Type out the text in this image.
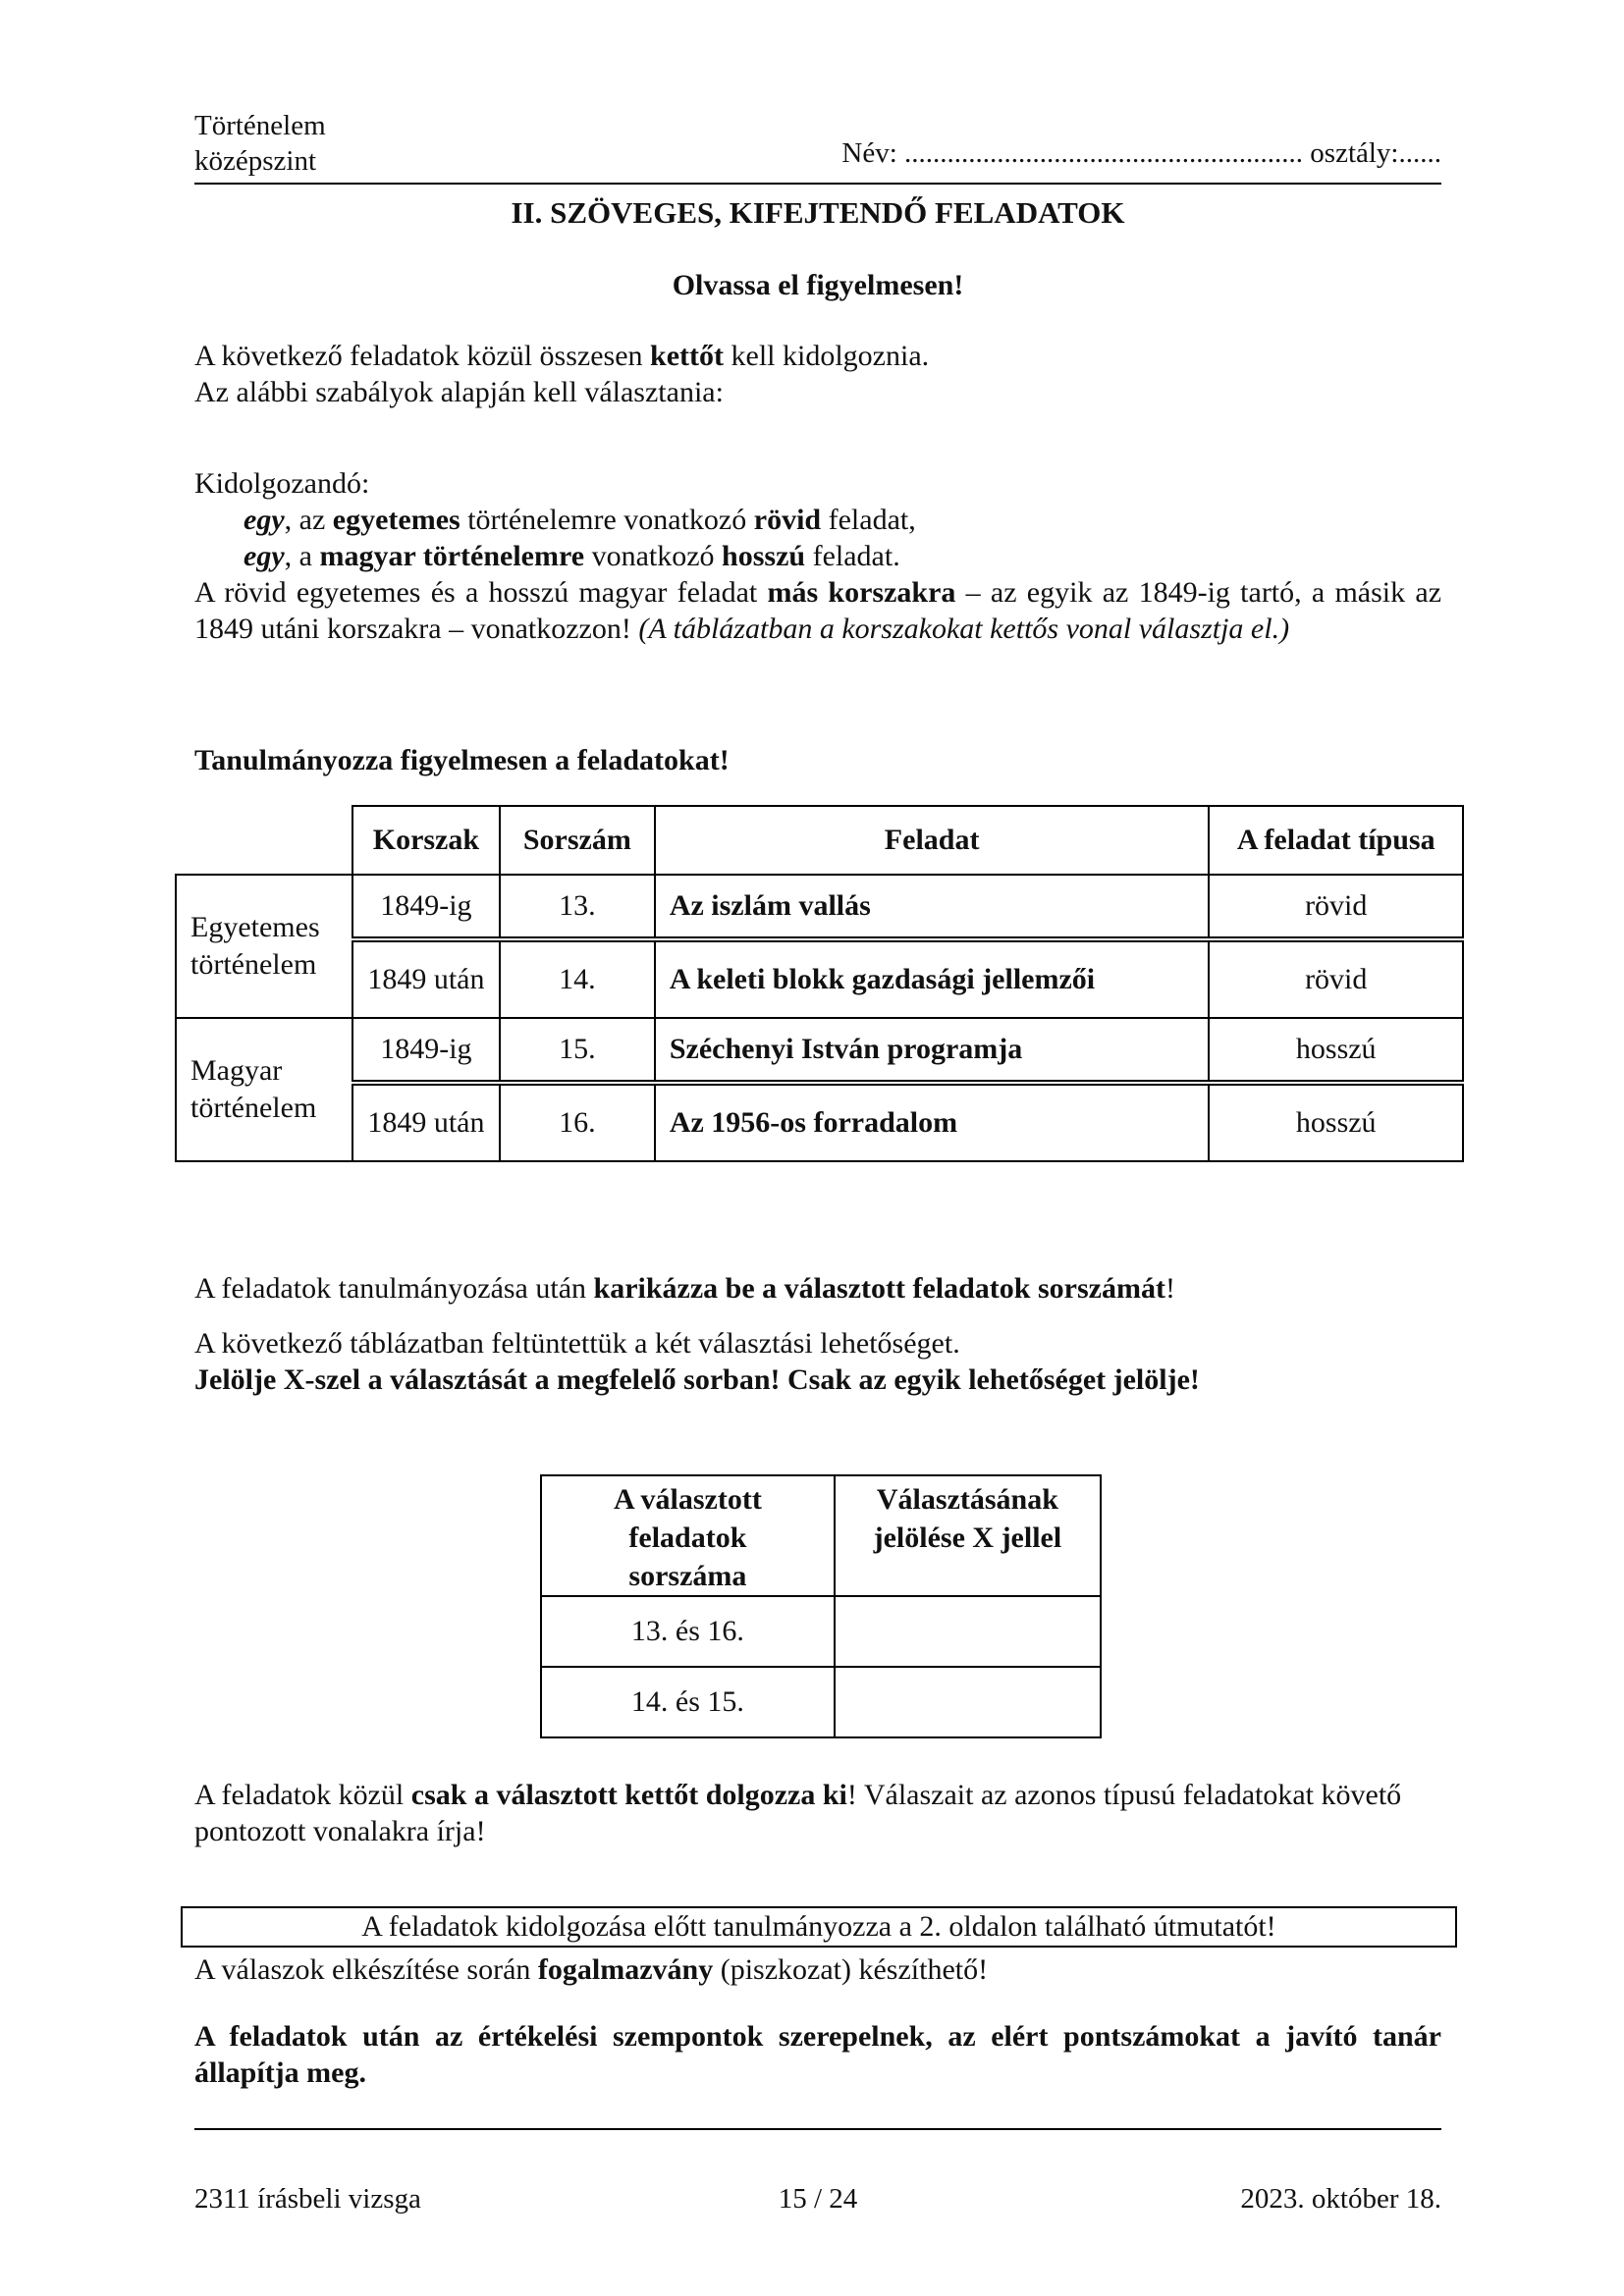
Történelem
középszint	Név: ........................................................ osztály:......
II. SZÖVEGES, KIFEJTENDŐ FELADATOK
Olvassa el figyelmesen!

A következő feladatok közül összesen kettőt kell kidolgoznia.

Az alábbi szabályok alapján kell választania:

Kidolgozandó:

egy, az egyetemes történelemre vonatkozó rövid feladat,

egy, a magyar történelemre vonatkozó hosszú feladat.

A rövid egyetemes és a hosszú magyar feladat más korszakra – az egyik az 1849-ig tartó, a másik az 1849 utáni korszakra – vonatkozzon! (A táblázatban a korszakokat kettős vonal választja el.)

Tanulmányozza figyelmesen a feladatokat!
	Korszak	Sorszám	Feladat	A feladat típusa
Egyetemes történelem	1849-ig	13.	Az iszlám vallás	rövid
	1849 után	14.	A keleti blokk gazdasági jellemzői	rövid
Magyar történelem	1849-ig	15.	Széchenyi István programja	hosszú
	1849 után	16.	Az 1956-os forradalom	hosszú
A feladatok tanulmányozása után karikázza be a választott feladatok sorszámát!

A következő táblázatban feltüntettük a két választási lehetőséget.

Jelölje X-szel a választását a megfelelő sorban! Csak az egyik lehetőséget jelölje!

A választott feladatok sorszáma	Választásának jelölése X jellel
13. és 16.	
14. és 15.	
A feladatok közül csak a választott kettőt dolgozza ki! Válaszait az azonos típusú feladatokat követő pontozott vonalakra írja!
A feladatok kidolgozása előtt tanulmányozza a 2. oldalon található útmutatót!
A válaszok elkészítése során fogalmazvány (piszkozat) készíthető!
A feladatok után az értékelési szempontok szerepelnek, az elért pontszámokat a javító tanár állapítja meg.
2311 írásbeli vizsga	15 / 24	2023. október 18.
